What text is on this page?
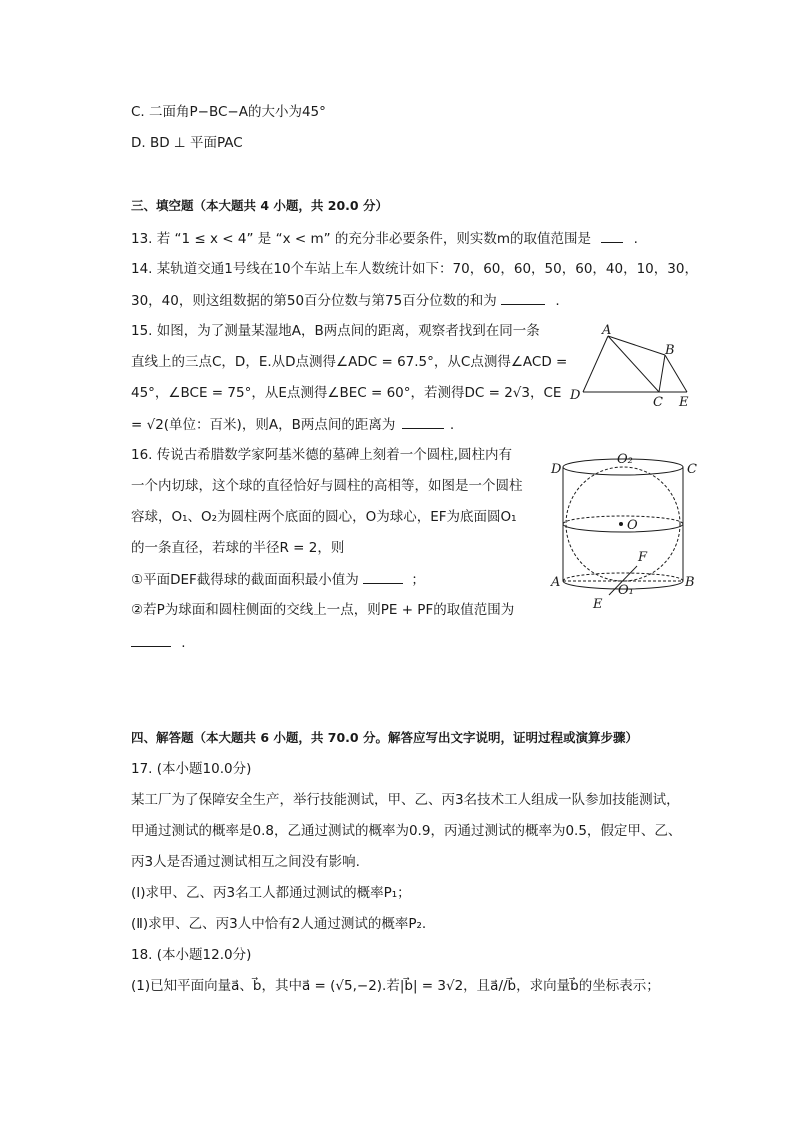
C. 二面角P−BC−A的大小为45°
D. BD ⊥ 平面PAC
三、填空题（本大题共 4 小题，共 20.0 分）
13. 若 “1 ≤ x < 4” 是 “x < m” 的充分非必要条件，则实数m的取值范围是	.
14. 某轨道交通1号线在10个车站上车人数统计如下：70，60，60，50，60，40，10，30，
30，40，则这组数据的第50百分位数与第75百分位数的和为	.
15. 如图，为了测量某湿地A，B两点间的距离，观察者找到在同一条
直线上的三点C，D，E.从D点测得∠ADC = 67.5°，从C点测得∠ACD =
45°，∠BCE = 75°，从E点测得∠BEC = 60°，若测得DC = 2√3，CE
= √2(单位：百米)，则A，B两点间的距离为	.
A
B
C
D	E
16. 传说古希腊数学家阿基米德的墓碑上刻着一个圆柱,圆柱内有
一个内切球，这个球的直径恰好与圆柱的高相等，如图是一个圆柱
容球，O₁、O₂为圆柱两个底面的圆心，O为球心，EF为底面圆O₁
的一条直径，若球的半径R = 2，则
①平面DEF截得球的截面面积最小值为	；
②若P为球面和圆柱侧面的交线上一点，则PE + PF的取值范围为
.
D	C
A	B
O
O₂
O₁
E
F
四、解答题（本大题共 6 小题，共 70.0 分。解答应写出文字说明，证明过程或演算步骤）
17. (本小题10.0分)
某工厂为了保障安全生产，举行技能测试，甲、乙、丙3名技术工人组成一队参加技能测试，
甲通过测试的概率是0.8，乙通过测试的概率为0.9，丙通过测试的概率为0.5，假定甲、乙、
丙3人是否通过测试相互之间没有影响.
(Ⅰ)求甲、乙、丙3名工人都通过测试的概率P₁；
(Ⅱ)求甲、乙、丙3人中恰有2人通过测试的概率P₂.
18. (本小题12.0分)
(1)已知平面向量a⃗、b⃗，其中a⃗ = (√5,−2).若|b⃗| = 3√2，且a⃗//b⃗，求向量b⃗的坐标表示；
